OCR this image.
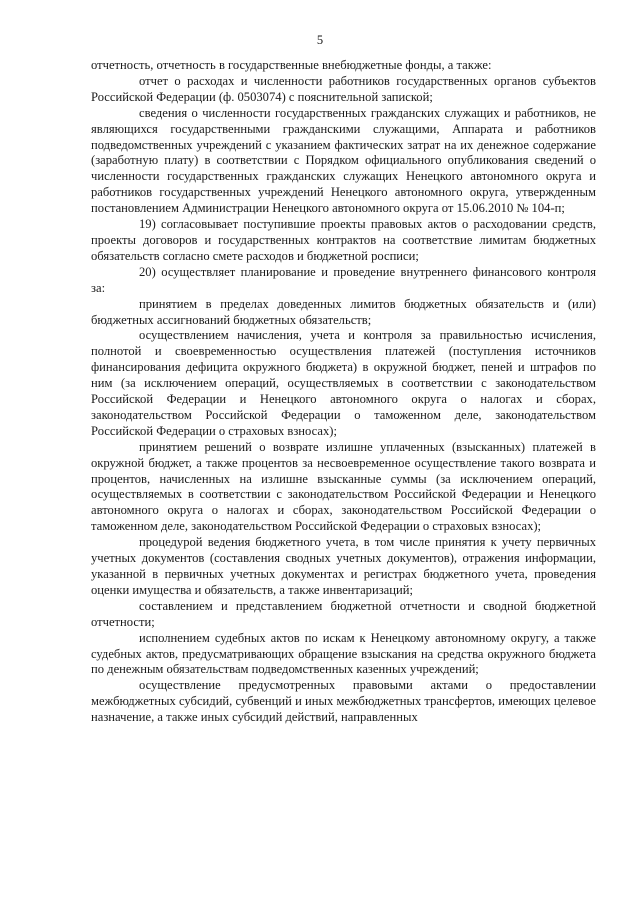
5

отчетность, отчетность в государственные внебюджетные фонды, а также:

отчет о расходах и численности работников государственных органов субъектов Российской Федерации (ф. 0503074) с пояснительной запиской;

сведения о численности государственных гражданских служащих и работников, не являющихся государственными гражданскими служащими, Аппарата и работников подведомственных учреждений с указанием фактических затрат на их денежное содержание (заработную плату) в соответствии с Порядком официального опубликования сведений о численности государственных гражданских служащих Ненецкого автономного округа и работников государственных учреждений Ненецкого автономного округа, утвержденным постановлением Администрации Ненецкого автономного округа от 15.06.2010 № 104-п;

19) согласовывает поступившие проекты правовых актов о расходовании средств, проекты договоров и государственных контрактов на соответствие лимитам бюджетных обязательств согласно смете расходов и бюджетной росписи;

20) осуществляет планирование и проведение внутреннего финансового контроля за:

принятием в пределах доведенных лимитов бюджетных обязательств и (или) бюджетных ассигнований бюджетных обязательств;

осуществлением начисления, учета и контроля за правильностью исчисления, полнотой и своевременностью осуществления платежей (поступления источников финансирования дефицита окружного бюджета) в окружной бюджет, пеней и штрафов по ним (за исключением операций, осуществляемых в соответствии с законодательством Российской Федерации и Ненецкого автономного округа о налогах и сборах, законодательством Российской Федерации о таможенном деле, законодательством Российской Федерации о страховых взносах);

принятием решений о возврате излишне уплаченных (взысканных) платежей в окружной бюджет, а также процентов за несвоевременное осуществление такого возврата и процентов, начисленных на излишне взысканные суммы (за исключением операций, осуществляемых в соответствии с законодательством Российской Федерации и Ненецкого автономного округа о налогах и сборах, законодательством Российской Федерации о таможенном деле, законодательством Российской Федерации о страховых взносах);

процедурой ведения бюджетного учета, в том числе принятия к учету первичных учетных документов (составления сводных учетных документов), отражения информации, указанной в первичных учетных документах и регистрах бюджетного учета, проведения оценки имущества и обязательств, а также инвентаризаций;

составлением и представлением бюджетной отчетности и сводной бюджетной отчетности;

исполнением судебных актов по искам к Ненецкому автономному округу, а также судебных актов, предусматривающих обращение взыскания на средства окружного бюджета по денежным обязательствам подведомственных казенных учреждений;

осуществление предусмотренных правовыми актами о предоставлении межбюджетных субсидий, субвенций и иных межбюджетных трансфертов, имеющих целевое назначение, а также иных субсидий действий, направленных
